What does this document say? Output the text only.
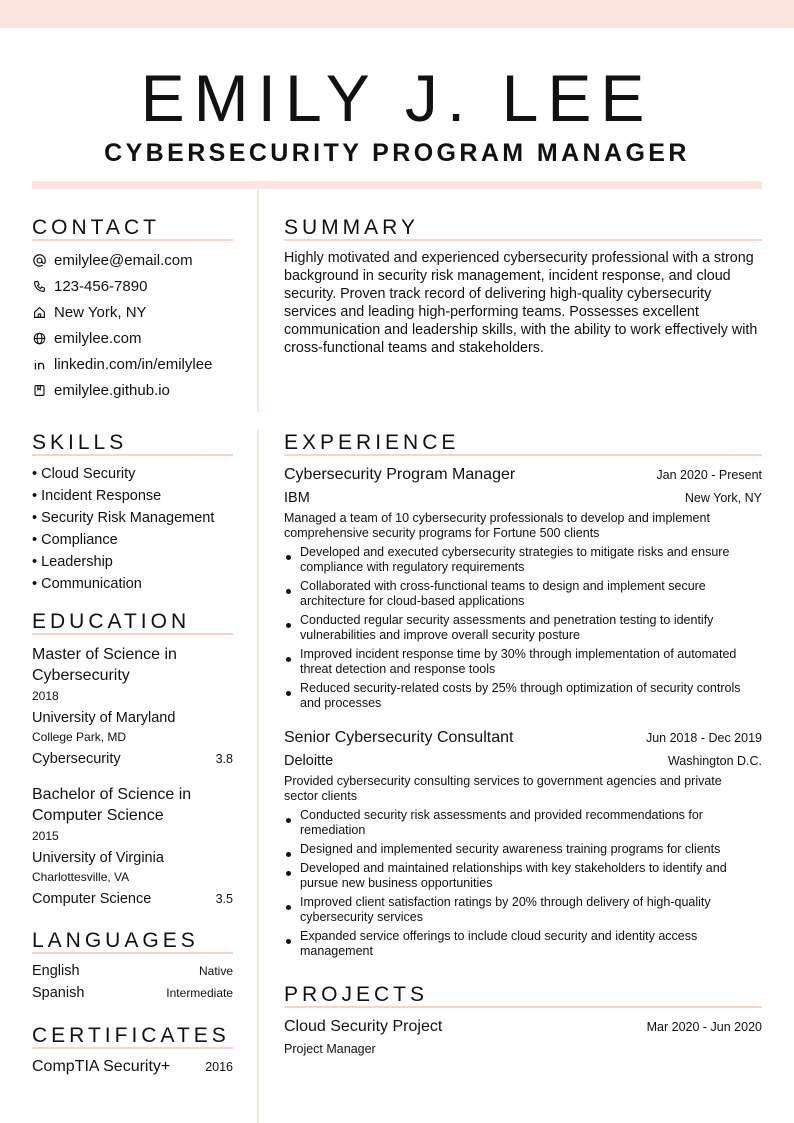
EMILY J. LEE
CYBERSECURITY PROGRAM MANAGER
CONTACT
emilylee@email.com
123-456-7890
New York, NY
emilylee.com
linkedin.com/in/emilylee
emilylee.github.io
SUMMARY

Highly motivated and experienced cybersecurity professional with a strong background in security risk management, incident response, and cloud security. Proven track record of delivering high-quality cybersecurity services and leading high-performing teams. Possesses excellent communication and leadership skills, with the ability to work effectively with cross-functional teams and stakeholders.

SKILLS
• Cloud Security
• Incident Response
• Security Risk Management
• Compliance
• Leadership
• Communication
EDUCATION
Master of Science in Cybersecurity
2018
University of Maryland
College Park, MD
Cybersecurity	3.8
Bachelor of Science in Computer Science
2015
University of Virginia
Charlottesville, VA
Computer Science	3.5
LANGUAGES
English	Native
Spanish	Intermediate
CERTIFICATES
CompTIA Security+	2016
EXPERIENCE
Cybersecurity Program Manager	Jan 2020 - Present
IBM	New York, NY

Managed a team of 10 cybersecurity professionals to develop and implement comprehensive security programs for Fortune 500 clients

Developed and executed cybersecurity strategies to mitigate risks and ensure compliance with regulatory requirements
Collaborated with cross-functional teams to design and implement secure architecture for cloud-based applications
Conducted regular security assessments and penetration testing to identify vulnerabilities and improve overall security posture
Improved incident response time by 30% through implementation of automated threat detection and response tools
Reduced security-related costs by 25% through optimization of security controls and processes
Senior Cybersecurity Consultant	Jun 2018 - Dec 2019
Deloitte	Washington D.C.

Provided cybersecurity consulting services to government agencies and private sector clients

Conducted security risk assessments and provided recommendations for remediation
Designed and implemented security awareness training programs for clients
Developed and maintained relationships with key stakeholders to identify and pursue new business opportunities
Improved client satisfaction ratings by 20% through delivery of high-quality cybersecurity services
Expanded service offerings to include cloud security and identity access management
PROJECTS
Cloud Security Project	Mar 2020 - Jun 2020
Project Manager
